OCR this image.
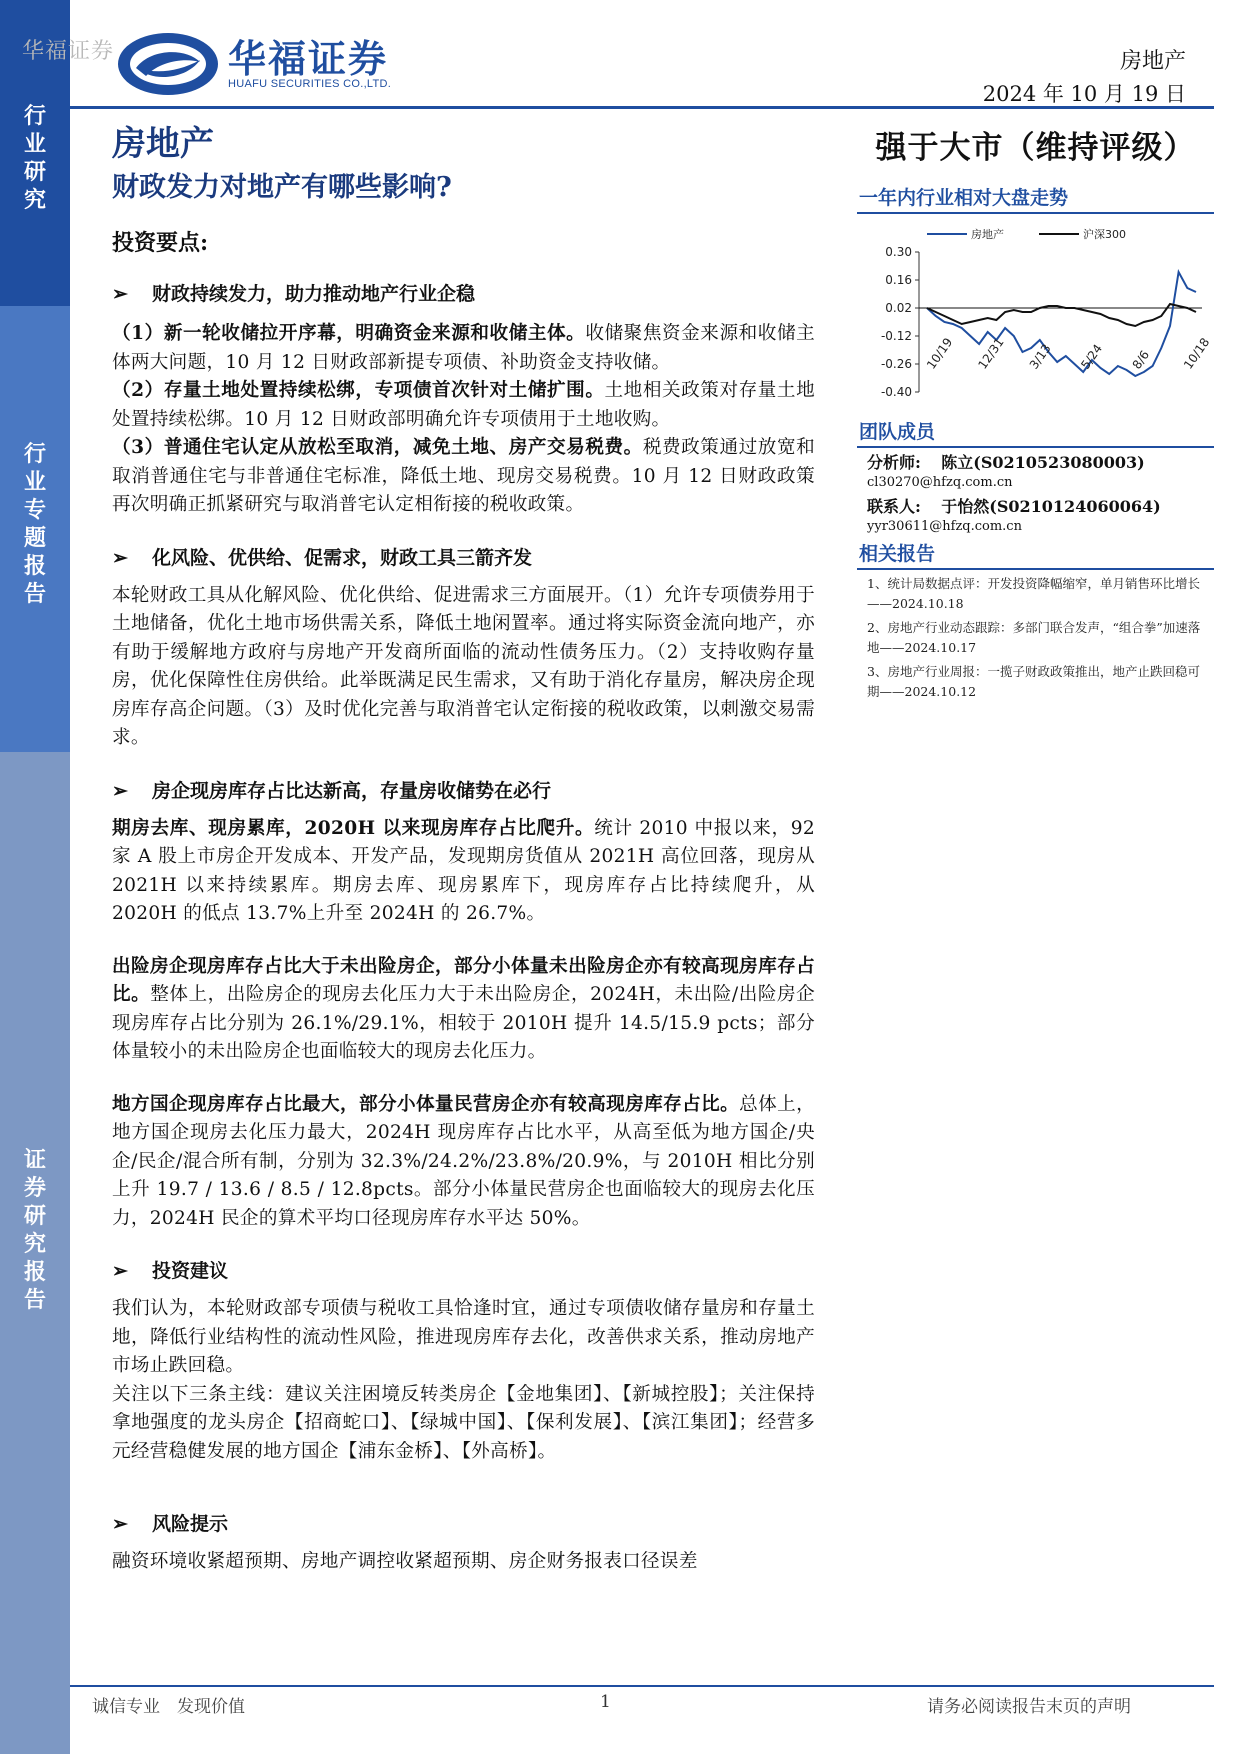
行
业
研
究
行
业
专
题
报
告
证
券
研
究
报
告
华福证券	华福证券
HUAFU SECURITIES CO.,LTD.
房地产
2024 年 10 月 19 日
房地产
财政发力对地产有哪些影响?
投资要点:
➢ 财政持续发力，助力推动地产行业企稳
（1）新一轮收储拉开序幕，明确资金来源和收储主体。收储聚焦资金来源和收储主体两大问题，10 月 12 日财政部新提专项债、补助资金支持收储。
（2）存量土地处置持续松绑，专项债首次针对土储扩围。土地相关政策对存量土地处置持续松绑。10 月 12 日财政部明确允许专项债用于土地收购。
（3）普通住宅认定从放松至取消，减免土地、房产交易税费。税费政策通过放宽和取消普通住宅与非普通住宅标准，降低土地、现房交易税费。10 月 12 日财政政策再次明确正抓紧研究与取消普宅认定相衔接的税收政策。
➢ 化风险、优供给、促需求，财政工具三箭齐发
本轮财政工具从化解风险、优化供给、促进需求三方面展开。（1）允许专项债券用于土地储备，优化土地市场供需关系，降低土地闲置率。通过将实际资金流向地产，亦有助于缓解地方政府与房地产开发商所面临的流动性债务压力。（2）支持收购存量房，优化保障性住房供给。此举既满足民生需求，又有助于消化存量房，解决房企现房库存高企问题。（3）及时优化完善与取消普宅认定衔接的税收政策，以刺激交易需求。
➢ 房企现房库存占比达新高，存量房收储势在必行
期房去库、现房累库，2020H 以来现房库存占比爬升。统计 2010 中报以来，92 家 A 股上市房企开发成本、开发产品，发现期房货值从 2021H 高位回落，现房从 2021H 以来持续累库。期房去库、现房累库下，现房库存占比持续爬升，从 2020H 的低点 13.7%上升至 2024H 的 26.7%。
出险房企现房库存占比大于未出险房企，部分小体量未出险房企亦有较高现房库存占比。整体上，出险房企的现房去化压力大于未出险房企，2024H，未出险/出险房企现房库存占比分别为 26.1%/29.1%，相较于 2010H 提升 14.5/15.9 pcts；部分体量较小的未出险房企也面临较大的现房去化压力。
地方国企现房库存占比最大，部分小体量民营房企亦有较高现房库存占比。总体上，地方国企现房去化压力最大，2024H 现房库存占比水平，从高至低为地方国企/央企/民企/混合所有制，分别为 32.3%/24.2%/23.8%/20.9%，与 2010H 相比分别上升 19.7 / 13.6 / 8.5 / 12.8pcts。部分小体量民营房企也面临较大的现房去化压力，2024H 民企的算术平均口径现房库存水平达 50%。
➢ 投资建议
我们认为，本轮财政部专项债与税收工具恰逢时宜，通过专项债收储存量房和存量土地，降低行业结构性的流动性风险，推进现房库存去化，改善供求关系，推动房地产市场止跌回稳。
关注以下三条主线：建议关注困境反转类房企【金地集团】、【新城控股】；关注保持拿地强度的龙头房企【招商蛇口】、【绿城中国】、【保利发展】、【滨江集团】；经营多元经营稳健发展的地方国企【浦东金桥】、【外高桥】。
➢ 风险提示
融资环境收紧超预期、房地产调控收紧超预期、房企财务报表口径误差
强于大市（维持评级）
一年内行业相对大盘走势
房地产	沪深300
0.30
0.16
0.02
-0.12
-0.26
-0.40
10/19 12/31 3/13 5/24 8/6 10/18
团队成员
分析师: 陈立(S0210523080003)
cl30270@hfzq.com.cn
联系人: 于怡然(S0210124060064)
yyr30611@hfzq.com.cn
相关报告
1、统计局数据点评：开发投资降幅缩窄，单月销售环比增长——2024.10.18
2、房地产行业动态跟踪：多部门联合发声，“组合拳”加速落地——2024.10.17
3、房地产行业周报：一揽子财政政策推出，地产止跌回稳可期——2024.10.12
诚信专业　发现价值	1	请务必阅读报告末页的声明
